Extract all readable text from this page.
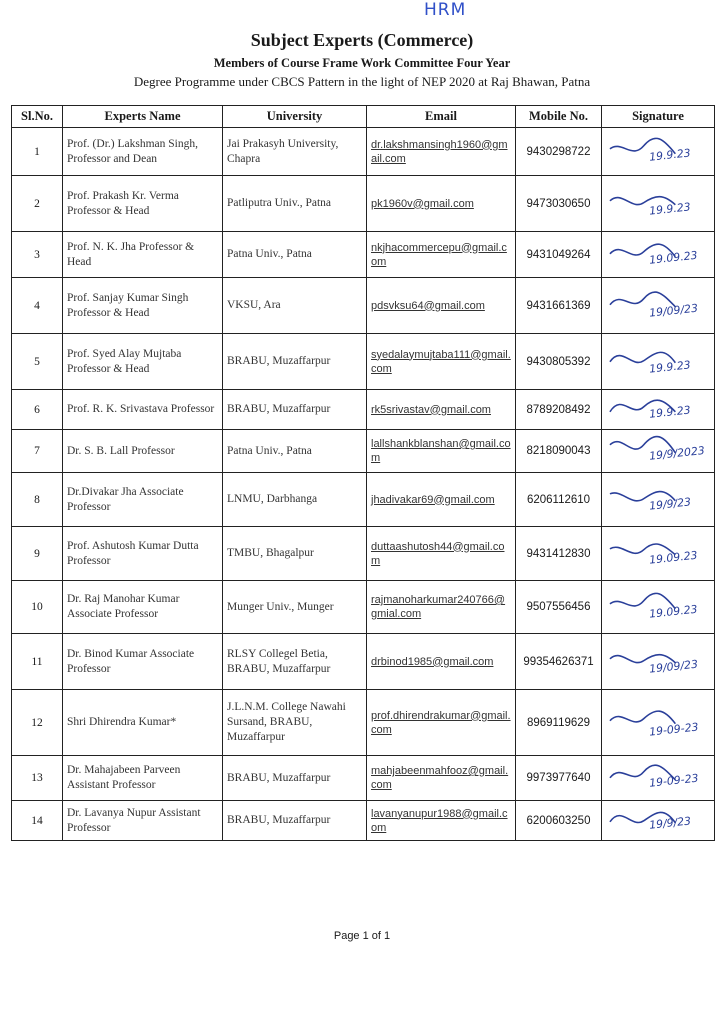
HRM
Subject Experts (Commerce)
Members of Course Frame Work Committee Four Year
Degree Programme under CBCS Pattern in the light of NEP 2020 at Raj Bhawan, Patna
Sl.No.	Experts Name	University	Email	Mobile No.	Signature
1	Prof. (Dr.) Lakshman Singh, Professor and Dean	Jai Prakasyh University, Chapra	dr.lakshmansingh1960@gmail.com	9430298722	19.9.23

2	Prof. Prakash Kr. Verma Professor & Head	Patliputra Univ., Patna	pk1960v@gmail.com	9473030650	19.9.23

3	Prof. N. K. Jha Professor & Head	Patna Univ., Patna	nkjhacommercepu@gmail.com	9431049264	19.09.23

4	Prof. Sanjay Kumar Singh Professor & Head	VKSU, Ara	pdsvksu64@gmail.com	9431661369	19/09/23

5	Prof. Syed Alay Mujtaba Professor & Head	BRABU, Muzaffarpur	syedalaymujtaba111@gmail.com	9430805392	19.9.23

6	Prof. R. K. Srivastava Professor	BRABU, Muzaffarpur	rk5srivastav@gmail.com	8789208492	19.9.23

7	Dr. S. B. Lall Professor	Patna Univ., Patna	lallshankblanshan@gmail.com	8218090043	19/9/2023

8	Dr.Divakar Jha Associate Professor	LNMU, Darbhanga	jhadivakar69@gmail.com	6206112610	19/9/23

9	Prof. Ashutosh Kumar Dutta Professor	TMBU, Bhagalpur	duttaashutosh44@gmail.com	9431412830	19.09.23

10	Dr. Raj Manohar Kumar Associate Professor	Munger Univ., Munger	rajmanoharkumar240766@gmial.com	9507556456	19.09.23

11	Dr. Binod Kumar Associate Professor	RLSY Collegel Betia, BRABU, Muzaffarpur	drbinod1985@gmail.com	99354626371	19/09/23

12	Shri Dhirendra Kumar*	J.L.N.M. College Nawahi Sursand, BRABU, Muzaffarpur	prof.dhirendrakumar@gmail.com	8969119629	19-09-23

13	Dr. Mahajabeen Parveen Assistant Professor	BRABU, Muzaffarpur	mahjabeenmahfooz@gmail.com	9973977640	19-09-23

14	Dr. Lavanya Nupur Assistant Professor	BRABU, Muzaffarpur	lavanyanupur1988@gmail.com	6200603250	19/9/23
Page 1 of 1
